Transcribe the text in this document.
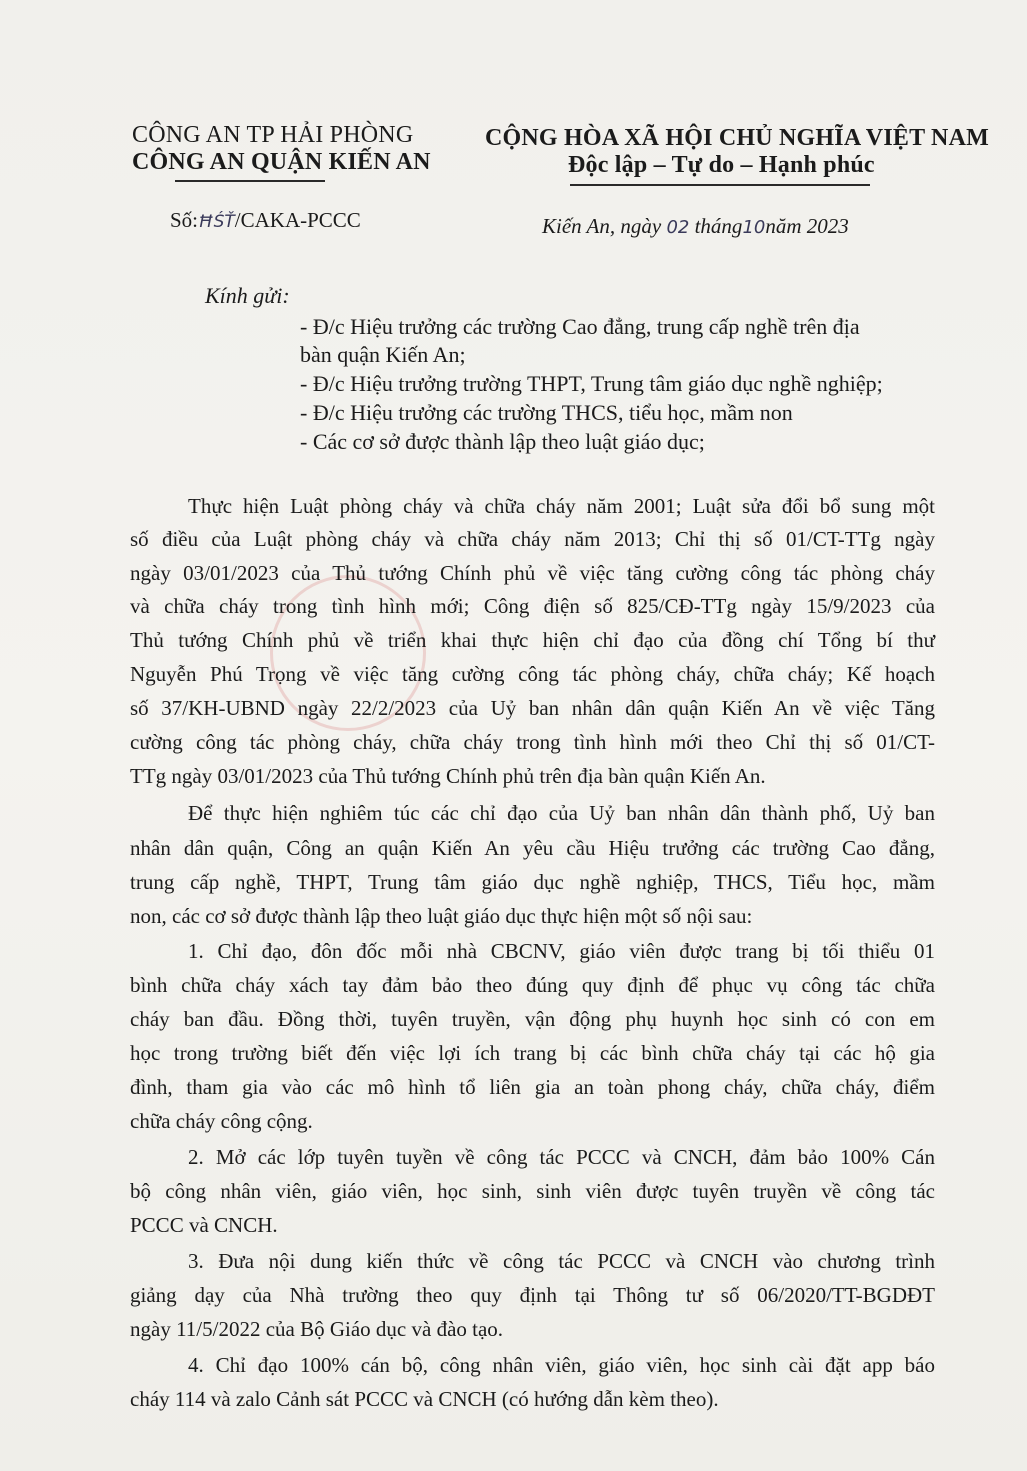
CÔNG AN TP HẢI PHÒNG
CÔNG AN QUẬN KIẾN AN
CỘNG HÒA XÃ HỘI CHỦ NGHĨA VIỆT NAM
Độc lập – Tự do – Hạnh phúc
Số:ĦŚŤ/CAKA-PCCC	Kiến An, ngày 02 tháng10năm 2023
Kính gửi:
- Đ/c Hiệu trưởng các trường Cao đẳng, trung cấp nghề trên địa
bàn quận Kiến An;
- Đ/c Hiệu trưởng trường THPT, Trung tâm giáo dục nghề nghiệp;
- Đ/c Hiệu trưởng các trường THCS, tiểu học, mầm non
- Các cơ sở được thành lập theo luật giáo dục;
Thực hiện Luật phòng cháy và chữa cháy năm 2001; Luật sửa đổi bổ sung một
số điều của Luật phòng cháy và chữa cháy năm 2013; Chỉ thị số 01/CT-TTg ngày
ngày 03/01/2023 của Thủ tướng Chính phủ về việc tăng cường công tác phòng cháy
và chữa cháy trong tình hình mới; Công điện số 825/CĐ-TTg ngày 15/9/2023 của
Thủ tướng Chính phủ về triển khai thực hiện chỉ đạo của đồng chí Tổng bí thư
Nguyễn Phú Trọng về việc tăng cường công tác phòng cháy, chữa cháy; Kế hoạch
số 37/KH-UBND ngày 22/2/2023 của Uỷ ban nhân dân quận Kiến An về việc Tăng
cường công tác phòng cháy, chữa cháy trong tình hình mới theo Chỉ thị số 01/CT-
TTg ngày 03/01/2023 của Thủ tướng Chính phủ trên địa bàn quận Kiến An.
Để thực hiện nghiêm túc các chỉ đạo của Uỷ ban nhân dân thành phố, Uỷ ban
nhân dân quận, Công an quận Kiến An yêu cầu Hiệu trưởng các trường Cao đẳng,
trung cấp nghề, THPT, Trung tâm giáo dục nghề nghiệp, THCS, Tiểu học, mầm
non, các cơ sở được thành lập theo luật giáo dục thực hiện một số nội sau:
1. Chỉ đạo, đôn đốc mỗi nhà CBCNV, giáo viên được trang bị tối thiểu 01
bình chữa cháy xách tay đảm bảo theo đúng quy định để phục vụ công tác chữa
cháy ban đầu. Đồng thời, tuyên truyền, vận động phụ huynh học sinh có con em
học trong trường biết đến việc lợi ích trang bị các bình chữa cháy tại các hộ gia
đình, tham gia vào các mô hình tổ liên gia an toàn phong cháy, chữa cháy, điểm
chữa cháy công cộng.
2. Mở các lớp tuyên tuyền về công tác PCCC và CNCH, đảm bảo 100% Cán
bộ công nhân viên, giáo viên, học sinh, sinh viên được tuyên truyền về công tác
PCCC và CNCH.
3. Đưa nội dung kiến thức về công tác PCCC và CNCH vào chương trình
giảng dạy của Nhà trường theo quy định tại Thông tư số 06/2020/TT-BGDĐT
ngày 11/5/2022 của Bộ Giáo dục và đào tạo.
4. Chỉ đạo 100% cán bộ, công nhân viên, giáo viên, học sinh cài đặt app báo
cháy 114 và zalo Cảnh sát PCCC và CNCH (có hướng dẫn kèm theo).
